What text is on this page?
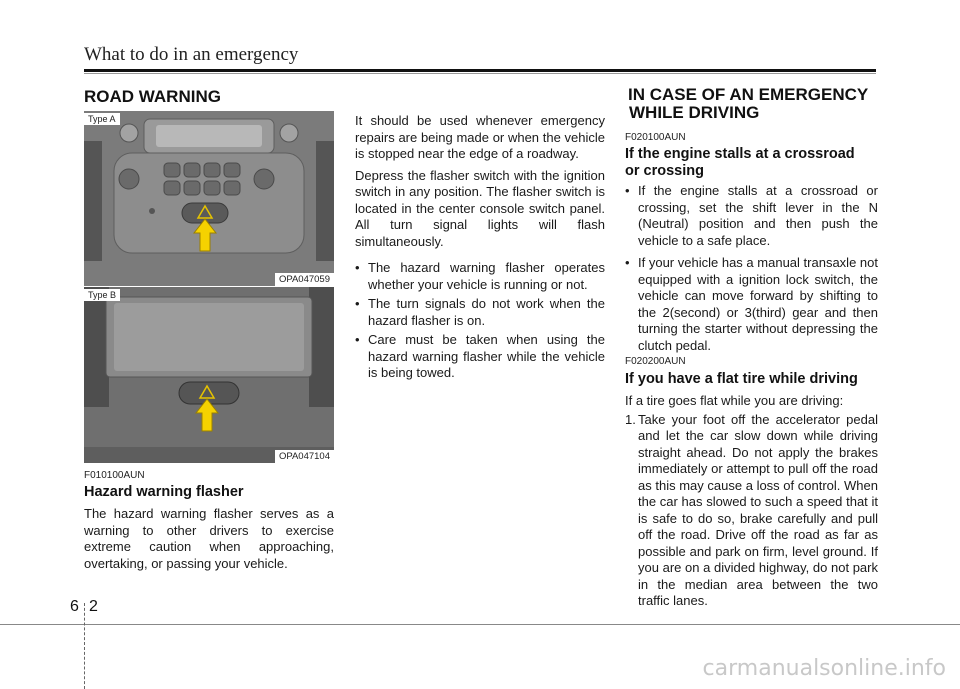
What to do in an emergency
ROAD WARNING
Type A
OPA047059
Type B
OPA047104
F010100AUN
Hazard warning flasher

The hazard warning flasher serves as a warning to other drivers to exercise extreme caution when approaching, overtaking, or passing your vehicle.

It should be used whenever emergency repairs are being made or when the vehicle is stopped near the edge of a roadway.

Depress the flasher switch with the ignition switch in any position. The flasher switch is located in the center console switch panel. All turn signal lights will flash simultaneously.

• The hazard warning flasher operates whether your vehicle is running or not.
• The turn signals do not work when the hazard flasher is on.
• Care must be taken when using the hazard warning flasher while the vehicle is being towed.
IN CASE OF AN EMERGENCY
WHILE DRIVING
F020100AUN
If the engine stalls at a crossroad
or crossing
• If the engine stalls at a crossroad or crossing, set the shift lever in the N (Neutral) position and then push the vehicle to a safe place.
• If your vehicle has a manual transaxle not equipped with a ignition lock switch, the vehicle can move forward by shifting to the 2(second) or 3(third) gear and then turning the starter without depressing the clutch pedal.
F020200AUN
If you have a flat tire while driving

If a tire goes flat while you are driving:

1. Take your foot off the accelerator pedal and let the car slow down while driving straight ahead. Do not apply the brakes immediately or attempt to pull off the road as this may cause a loss of control. When the car has slowed to such a speed that it is safe to do so, brake carefully and pull off the road. Drive off the road as far as possible and park on firm, level ground. If you are on a divided highway, do not park in the median area between the two traffic lanes.
6 2
carmanualsonline.info
